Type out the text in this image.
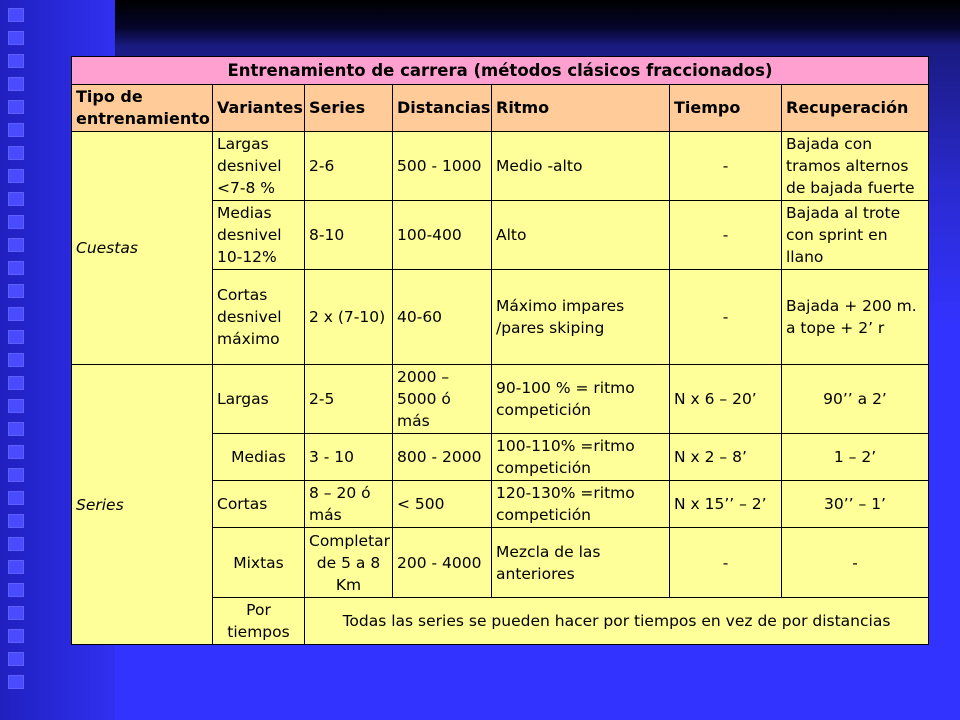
Entrenamiento de carrera (métodos clásicos fraccionados)						
Tipo de entrenamiento	Variantes	Series	Distancias	Ritmo	Tiempo	Recuperación
Cuestas	Largas desnivel <7-8 %	2-6	500 - 1000	Medio -alto	-	Bajada con tramos alternos de bajada fuerte
	Medias desnivel 10-12%	8-10	100-400	Alto	-	Bajada al trote con sprint en llano
	Cortas desnivel máximo	2 x (7-10)	40-60	Máximo impares /pares skiping	-	Bajada + 200 m. a tope + 2’ r
Series	Largas	2-5	2000 – 5000 ó más	90-100 % = ritmo competición	N x 6 – 20’	90’’ a 2’
	Medias	3 - 10	800 - 2000	100-110% =ritmo competición	N x 2 – 8’	1 – 2’
	Cortas	8 – 20 ó más	< 500	120-130% =ritmo competición	N x 15’’ – 2’	30’’ – 1’
	Mixtas	Completar de 5 a 8 Km	200 - 4000	Mezcla de las anteriores	-	-
	Por tiempos	Todas las series se pueden hacer por tiempos en vez de por distancias				
